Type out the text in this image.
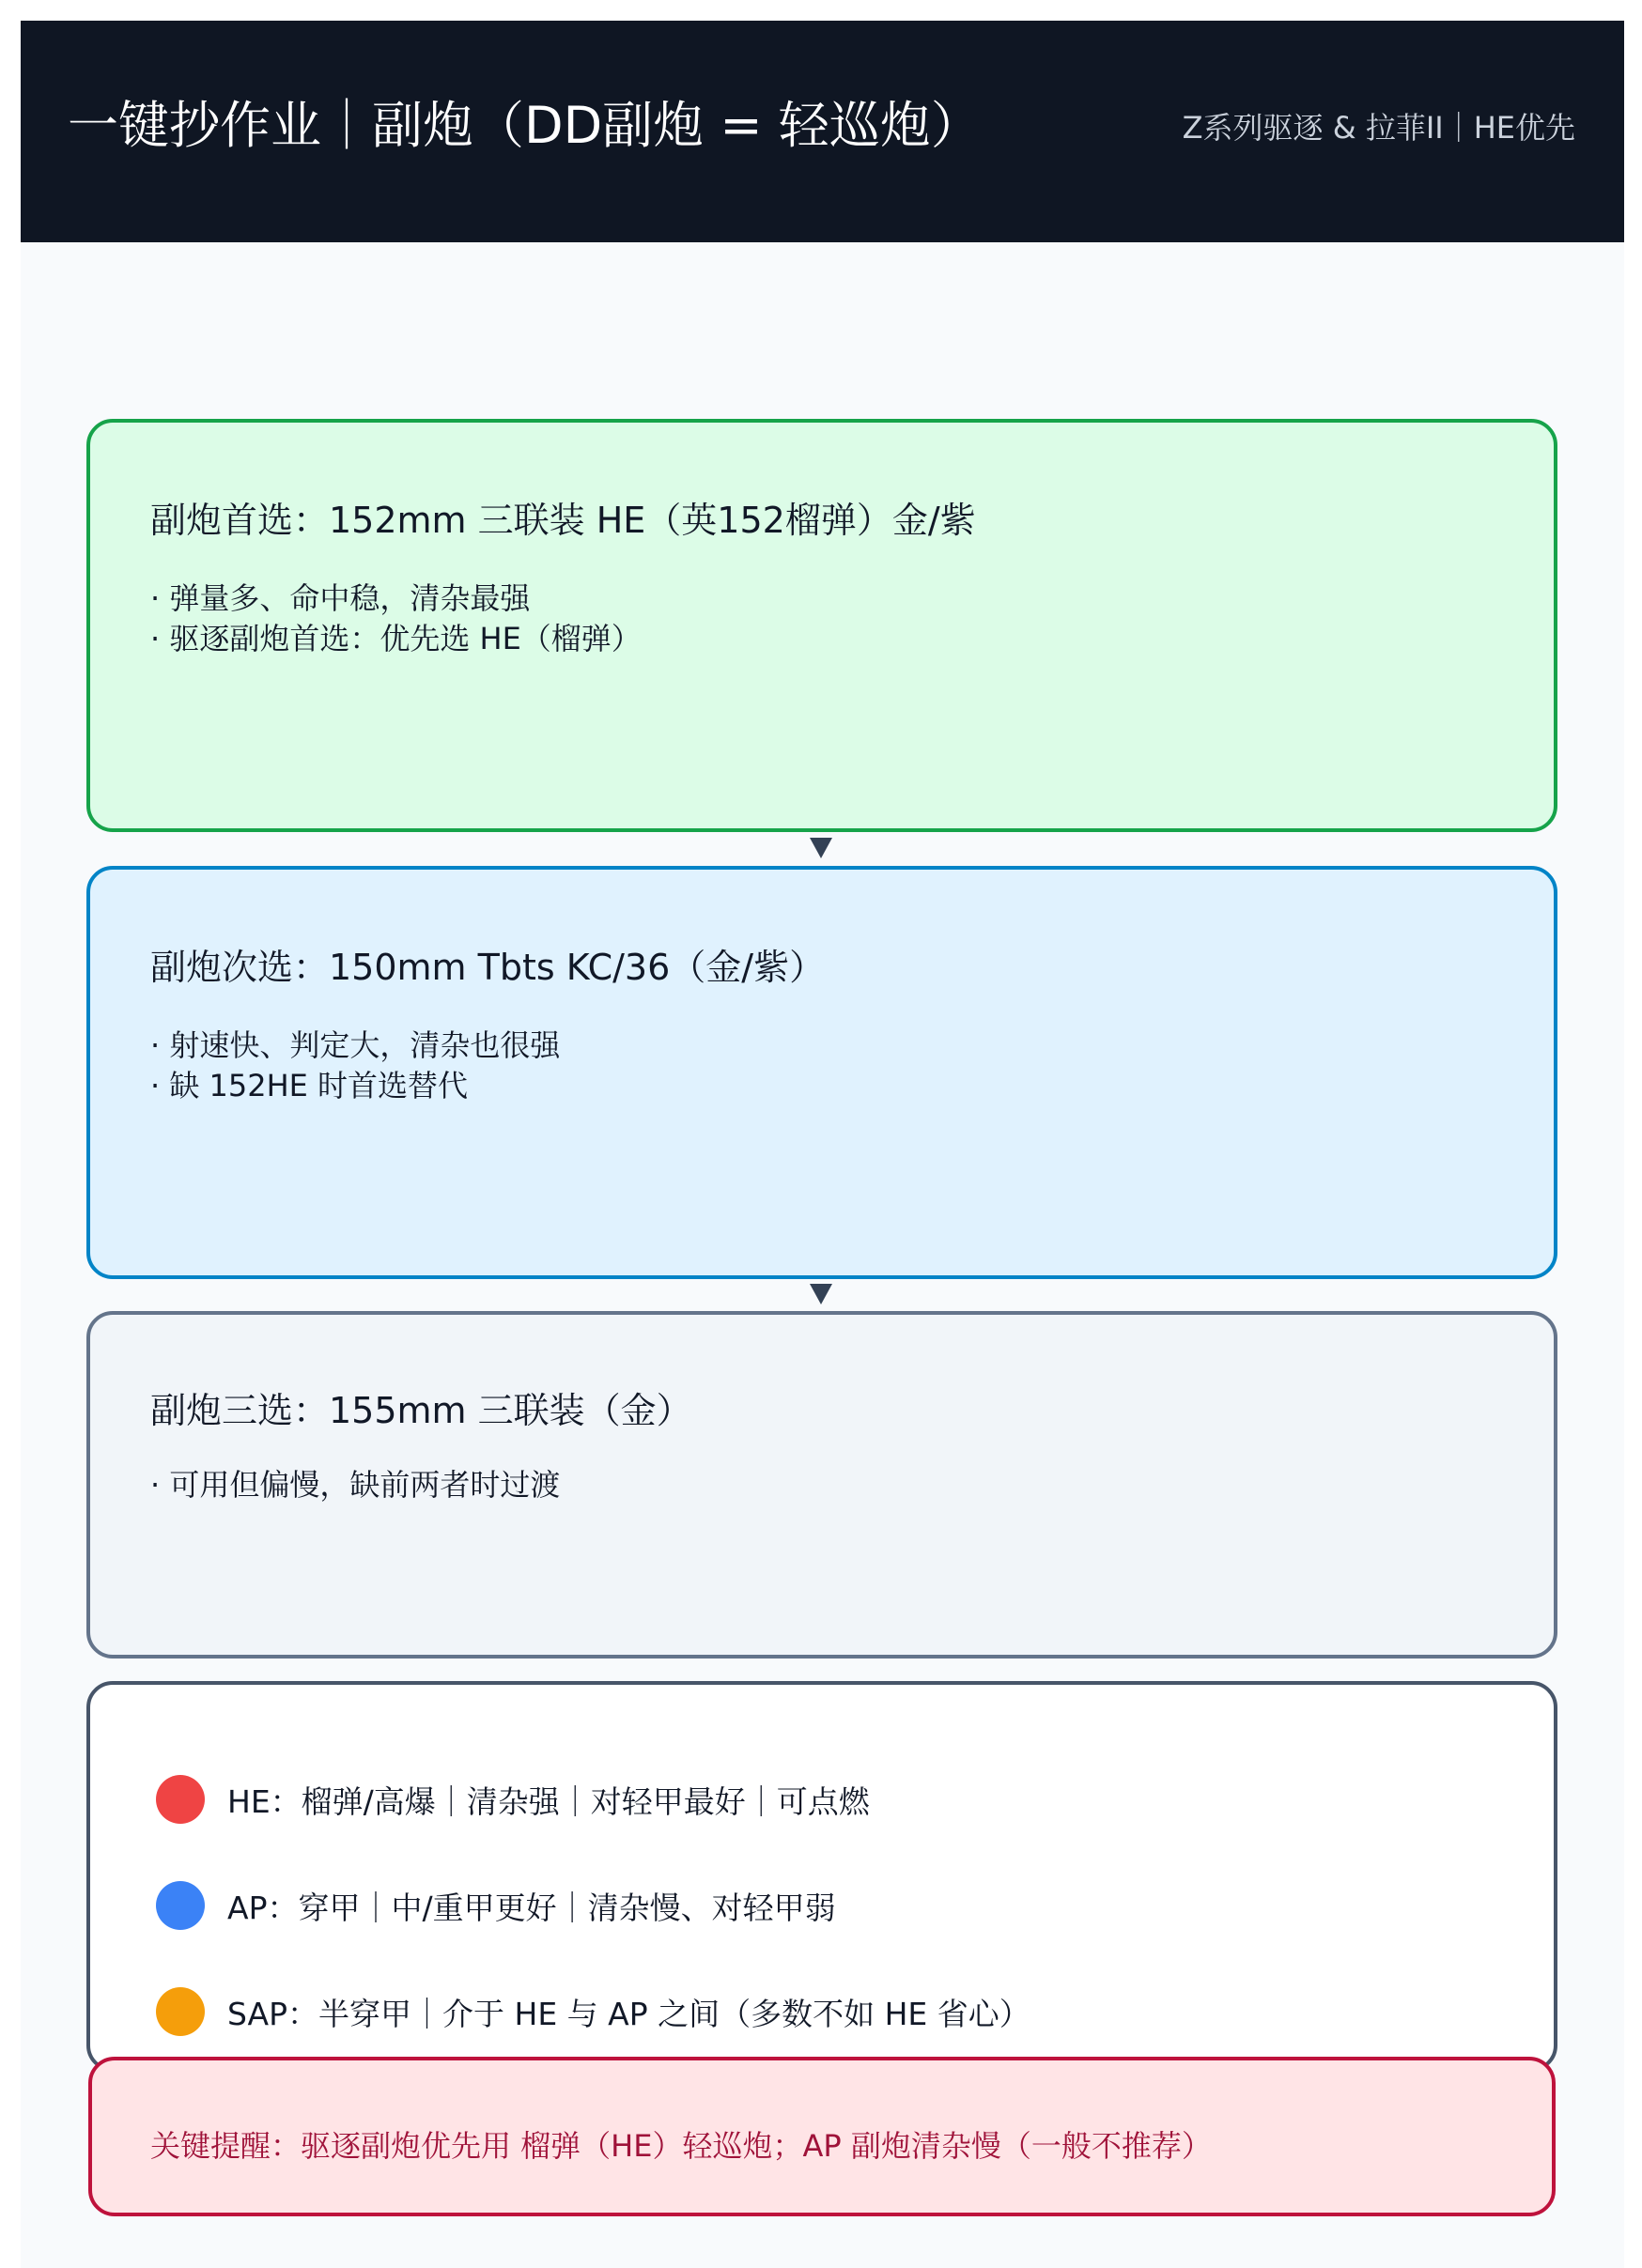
一键抄作业｜副炮（DD副炮 = 轻巡炮）	Z系列驱逐 & 拉菲II｜HE优先
副炮首选：152mm 三联装 HE（英152榴弹）金/紫
· 弹量多、命中稳，清杂最强
· 驱逐副炮首选：优先选 HE（榴弹）
副炮次选：150mm Tbts KC/36（金/紫）
· 射速快、判定大，清杂也很强
· 缺 152HE 时首选替代
副炮三选：155mm 三联装（金）
· 可用但偏慢，缺前两者时过渡
HE：榴弹/高爆｜清杂强｜对轻甲最好｜可点燃
AP：穿甲｜中/重甲更好｜清杂慢、对轻甲弱
SAP：半穿甲｜介于 HE 与 AP 之间（多数不如 HE 省心）
关键提醒：驱逐副炮优先用 榴弹（HE）轻巡炮；AP 副炮清杂慢（一般不推荐）
